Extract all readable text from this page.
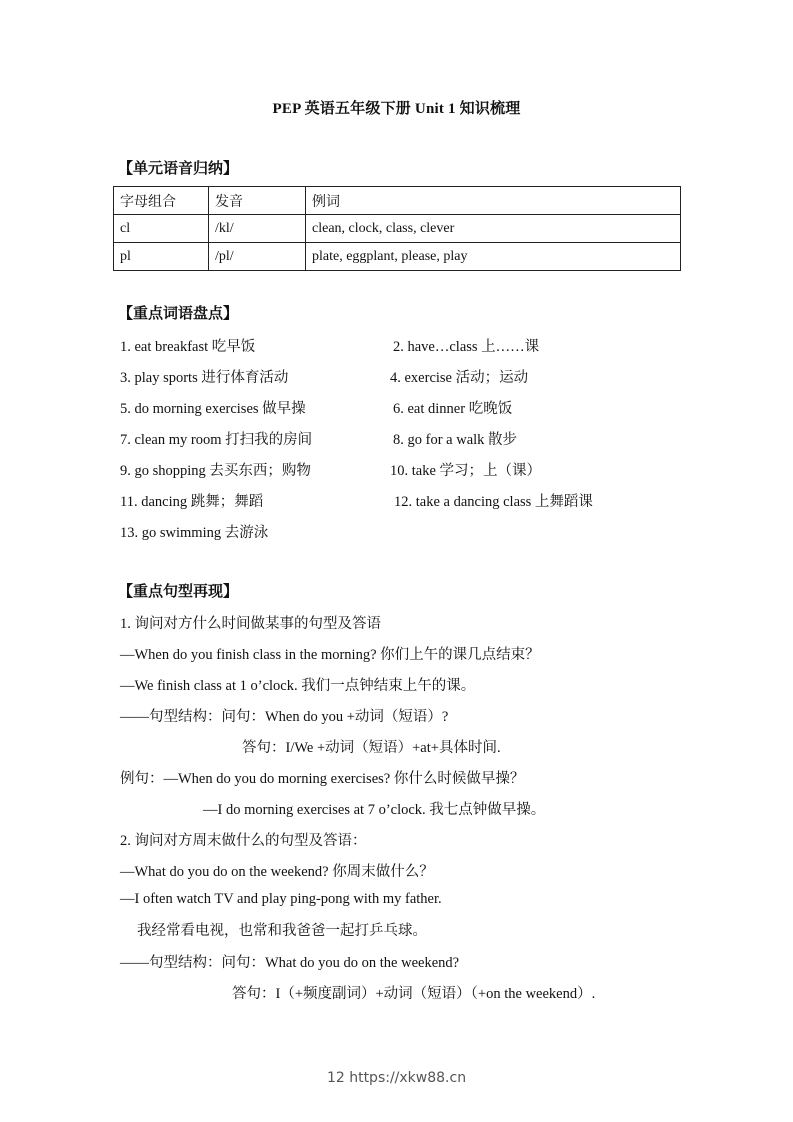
PEP 英语五年级下册 Unit 1 知识梳理
【单元语音归纳】
字母组合	发音	例词
cl	/kl/	clean, clock, class, clever
pl	/pl/	plate, eggplant, please, play
【重点词语盘点】
1. eat breakfast 吃早饭	2. have…class 上……课
3. play sports 进行体育活动	4. exercise 活动；运动
5. do morning exercises 做早操	6. eat dinner 吃晚饭
7. clean my room 打扫我的房间	8. go for a walk 散步
9. go shopping 去买东西；购物	10. take 学习；上（课）
11. dancing 跳舞；舞蹈	12. take a dancing class 上舞蹈课
13. go swimming 去游泳
【重点句型再现】
1. 询问对方什么时间做某事的句型及答语
—When do you finish class in the morning? 你们上午的课几点结束？
—We finish class at 1 o’clock. 我们一点钟结束上午的课。
——句型结构：问句：When do you +动词（短语）?
答句：I/We +动词（短语）+at+具体时间.
例句：—When do you do morning exercises? 你什么时候做早操？
—I do morning exercises at 7 o’clock. 我七点钟做早操。
2. 询问对方周末做什么的句型及答语：
—What do you do on the weekend? 你周末做什么？
—I often watch TV and play ping-pong with my father.
我经常看电视，也常和我爸爸一起打乒乓球。
——句型结构：问句：What do you do on the weekend?
答句：I（+频度副词）+动词（短语）（+on the weekend）.
12 https://xkw88.cn
